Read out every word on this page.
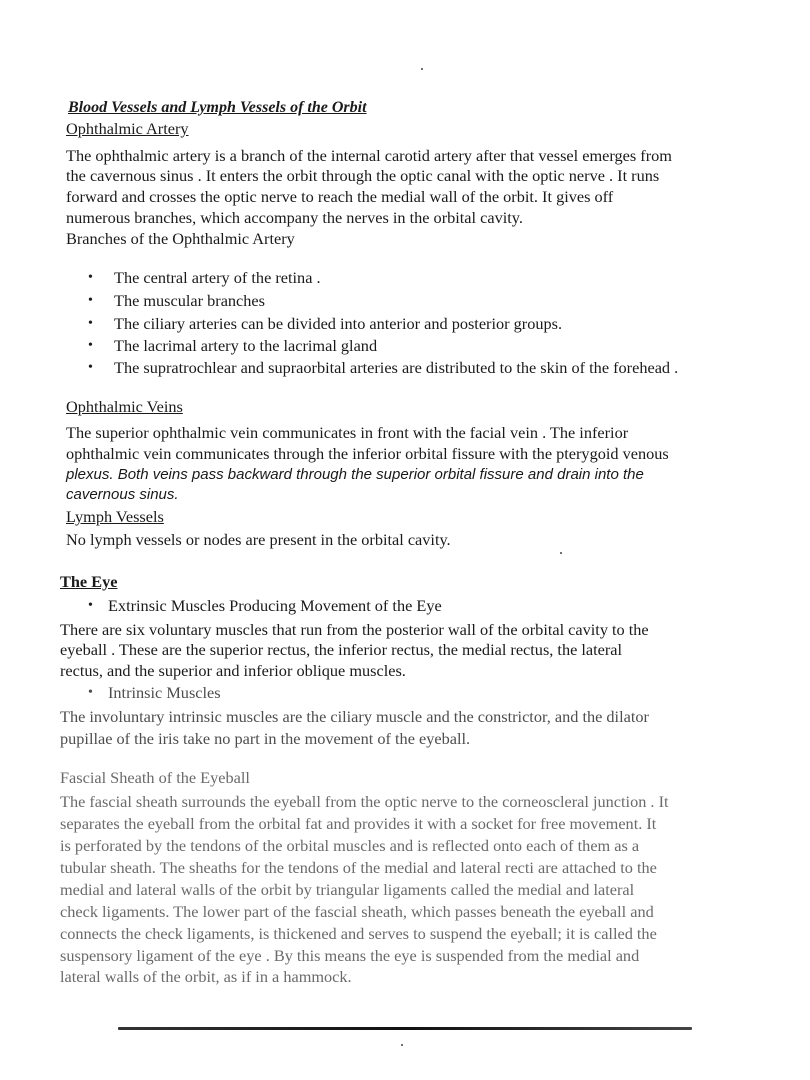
Blood Vessels and Lymph Vessels of the Orbit
Ophthalmic Artery
The ophthalmic artery is a branch of the internal carotid artery after that vessel emerges from
the cavernous sinus . It enters the orbit through the optic canal with the optic nerve . It runs
forward and crosses the optic nerve to reach the medial wall of the orbit. It gives off
numerous branches, which accompany the nerves in the orbital cavity.
Branches of the Ophthalmic Artery
• The central artery of the retina .
• The muscular branches
• The ciliary arteries can be divided into anterior and posterior groups.
• The lacrimal artery to the lacrimal gland
• The supratrochlear and supraorbital arteries are distributed to the skin of the forehead .
Ophthalmic Veins
The superior ophthalmic vein communicates in front with the facial vein . The inferior
ophthalmic vein communicates through the inferior orbital fissure with the pterygoid venous
plexus. Both veins pass backward through the superior orbital fissure and drain into the
cavernous sinus.
Lymph Vessels
No lymph vessels or nodes are present in the orbital cavity.
The Eye
• Extrinsic Muscles Producing Movement of the Eye
There are six voluntary muscles that run from the posterior wall of the orbital cavity to the
eyeball . These are the superior rectus, the inferior rectus, the medial rectus, the lateral
rectus, and the superior and inferior oblique muscles.
• Intrinsic Muscles
The involuntary intrinsic muscles are the ciliary muscle and the constrictor, and the dilator
pupillae of the iris take no part in the movement of the eyeball.
Fascial Sheath of the Eyeball
The fascial sheath surrounds the eyeball from the optic nerve to the corneoscleral junction . It
separates the eyeball from the orbital fat and provides it with a socket for free movement. It
is perforated by the tendons of the orbital muscles and is reflected onto each of them as a
tubular sheath. The sheaths for the tendons of the medial and lateral recti are attached to the
medial and lateral walls of the orbit by triangular ligaments called the medial and lateral
check ligaments. The lower part of the fascial sheath, which passes beneath the eyeball and
connects the check ligaments, is thickened and serves to suspend the eyeball; it is called the
suspensory ligament of the eye . By this means the eye is suspended from the medial and
lateral walls of the orbit, as if in a hammock.
